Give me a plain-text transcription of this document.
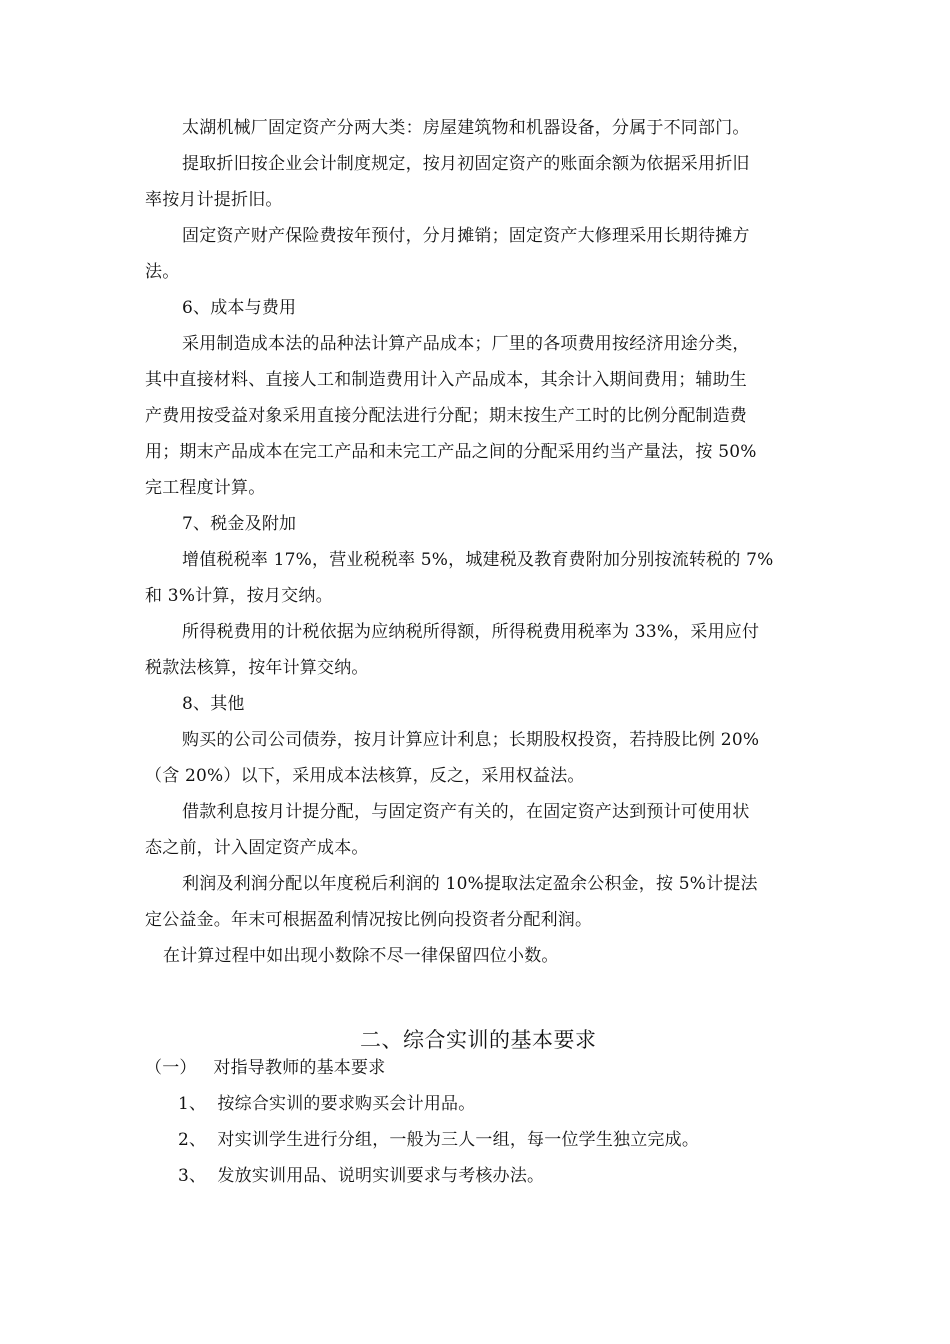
太湖机械厂固定资产分两大类：房屋建筑物和机器设备，分属于不同部门。
提取折旧按企业会计制度规定，按月初固定资产的账面余额为依据采用折旧
率按月计提折旧。
固定资产财产保险费按年预付，分月摊销；固定资产大修理采用长期待摊方
法。
6、成本与费用
采用制造成本法的品种法计算产品成本；厂里的各项费用按经济用途分类，
其中直接材料、直接人工和制造费用计入产品成本，其余计入期间费用；辅助生
产费用按受益对象采用直接分配法进行分配；期末按生产工时的比例分配制造费
用；期末产品成本在完工产品和未完工产品之间的分配采用约当产量法，按 50%
完工程度计算。
7、税金及附加
增值税税率 17%，营业税税率 5%，城建税及教育费附加分别按流转税的 7%
和 3%计算，按月交纳。
所得税费用的计税依据为应纳税所得额，所得税费用税率为 33%，采用应付
税款法核算，按年计算交纳。
8、其他
购买的公司公司债券，按月计算应计利息；长期股权投资，若持股比例 20%
（含 20%）以下，采用成本法核算，反之，采用权益法。
借款利息按月计提分配，与固定资产有关的，在固定资产达到预计可使用状
态之前，计入固定资产成本。
利润及利润分配以年度税后利润的 10%提取法定盈余公积金，按 5%计提法
定公益金。年末可根据盈利情况按比例向投资者分配利润。
在计算过程中如出现小数除不尽一律保留四位小数。
二、综合实训的基本要求
（一）   对指导教师的基本要求
1、  按综合实训的要求购买会计用品。
2、  对实训学生进行分组，一般为三人一组，每一位学生独立完成。
3、  发放实训用品、说明实训要求与考核办法。
